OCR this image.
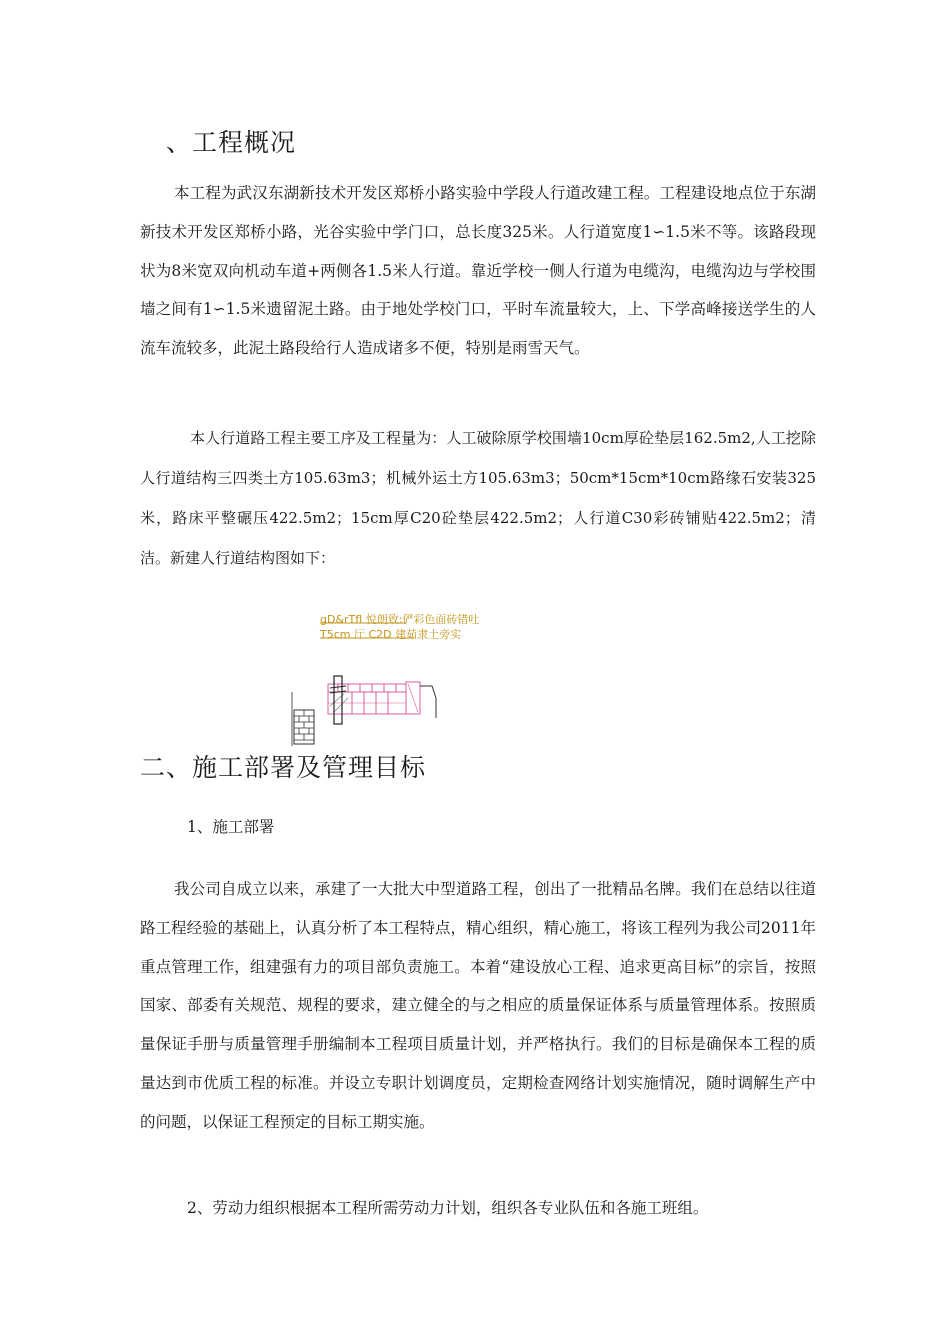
、工程概况

本工程为武汉东湖新技术开发区郑桥小路实验中学段人行道改建工程。工程建设地点位于东湖新技术开发区郑桥小路，光谷实验中学门口，总长度325米。人行道宽度1∽1.5米不等。该路段现状为8米宽双向机动车道+两侧各1.5米人行道。靠近学校一侧人行道为电缆沟，电缆沟边与学校围墙之间有1∽1.5米遗留泥土路。由于地处学校门口，平时车流量较大，上、下学高峰接送学生的人流车流较多，此泥土路段给行人造成诸多不便，特别是雨雪天气。

本人行道路工程主要工序及工程量为：人工破除原学校围墙10cm厚砼垫层162.5m2,人工挖除人行道结构三四类土方105.63m3；机械外运土方105.63m3；50cm*15cm*10cm路缘石安装325米，路床平整碾压422.5m2；15cm厚C20砼垫层422.5m2；人行道C30彩砖铺贴422.5m2；清洁。新建人行道结构图如下：

gD&rTfl 悦朗致:俨彩色面砖错吐
T5cm 厅 C2D 建茹隶土旁实
二、施工部署及管理目标

1、施工部署

我公司自成立以来，承建了一大批大中型道路工程，创出了一批精品名牌。我们在总结以往道路工程经验的基础上，认真分析了本工程特点，精心组织，精心施工，将该工程列为我公司2011年重点管理工作，组建强有力的项目部负责施工。本着“建设放心工程、追求更高目标”的宗旨，按照国家、部委有关规范、规程的要求，建立健全的与之相应的质量保证体系与质量管理体系。按照质量保证手册与质量管理手册编制本工程项目质量计划，并严格执行。我们的目标是确保本工程的质量达到市优质工程的标准。并设立专职计划调度员，定期检查网络计划实施情况，随时调解生产中的问题，以保证工程预定的目标工期实施。

2、劳动力组织根据本工程所需劳动力计划，组织各专业队伍和各施工班组。
